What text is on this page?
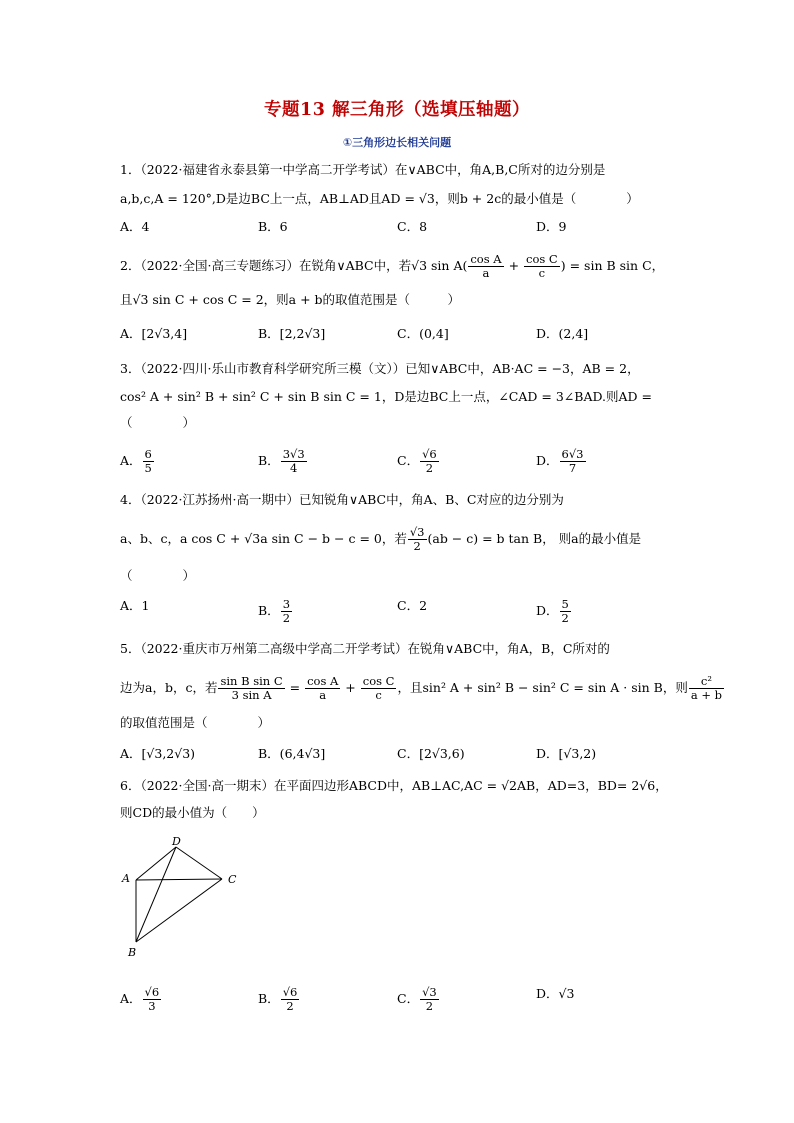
专题13 解三角形（选填压轴题）
①三角形边长相关问题
1．（2022·福建省永泰县第一中学高二开学考试）在∨ABC中，角A,B,C所对的边分别是
a,b,c,A = 120°,D是边BC上一点，AB⊥AD且AD = √3，则b + 2c的最小值是（　　　　）
A．4	B．6	C．8	D．9
2．（2022·全国·高三专题练习）在锐角∨ABC中，若√3 $\sin A( \frac{\text{cos A}}{a} + \frac{\text{cos C}}{c}$ ) = sin B sin C，
且√3 sin C + cos C = 2，则a + b的取值范围是（　　　）
A．[2√3,4]	B．[2,2√3]	C．(0,4]	D．(2,4]
3．（2022·四川·乐山市教育科学研究所三模（文））已知∨ABC中，AB·AC = −3，AB = 2，
cos² A + sin² B + sin² C + sin B sin C = 1，D是边BC上一点，∠CAD = 3∠BAD.则AD =
（　　　　）
A． $\frac{6}{5}$	B． $\frac{3√3}{4}$	C． $\frac{√6}{2}$	D． $\frac{6√3}{7}$
4．（2022·江苏扬州·高一期中）已知锐角∨ABC中，角A、B、C对应的边分别为
a、b、c，a cos C + √3a sin C − b − c = 0，若 $\frac{√3}{2} (ab - c) = b$ tan B， 则a的最小值是
（　　　　）
A．1	B． $\frac{3}{2}$	C．2	D． $\frac{5}{2}$
5．（2022·重庆市万州第二高级中学高二开学考试）在锐角∨ABC中，角A，B，C所对的
边为a，b，c，若 $\frac{\text{sin B sin C}}{\text{3 sin A}} = \frac{\text{cos A}}{a} + \frac{\text{cos C}}{c}$ ，且sin² A + sin² B − sin² C = sin A · sin B，则 $\frac{\text{c²}}{a + b}$
的取值范围是（　　　　）
A．[√3,2√3)	B．(6,4√3]	C．[2√3,6)	D．[√3,2)
6．（2022·全国·高一期末）在平面四边形ABCD中，AB⊥AC,AC = √2AB，AD=3，BD= 2√6，
则CD的最小值为（　　）
D
A	C
B
A． $\frac{√6}{3}$	B． $\frac{√6}{2}$	C． $\frac{√3}{2}$	D．√3
